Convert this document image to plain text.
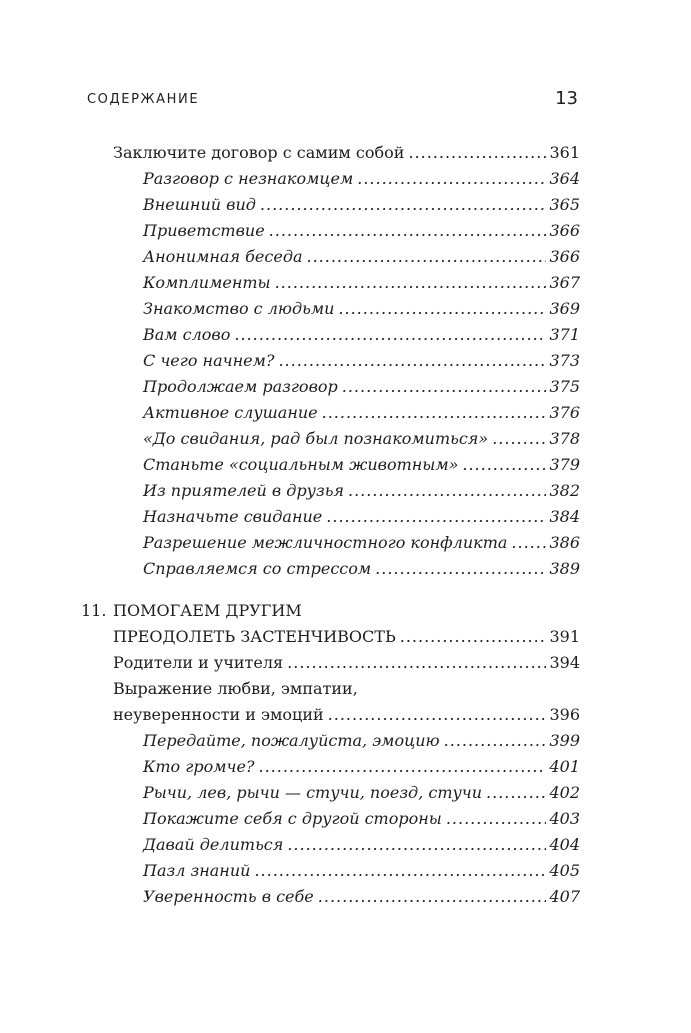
СОДЕРЖАНИЕ	13
Заключите договор с самим собой .....	361
Разговор с незнакомцем .....	364
Внешний вид .....	365
Приветствие .....	366
Анонимная беседа .....	366
Комплименты .....	367
Знакомство с людьми .....	369
Вам слово .....	371
С чего начнем? .....	373
Продолжаем разговор .....	375
Активное слушание .....	376
«До свидания, рад был познакомиться» .....	378
Станьте «социальным животным» .....	379
Из приятелей в друзья .....	382
Назначьте свидание .....	384
Разрешение межличностного конфликта .....	386
Справляемся со стрессом .....	389
11. ПОМОГАЕМ ДРУГИМ
ПРЕОДОЛЕТЬ ЗАСТЕНЧИВОСТЬ .....	391
Родители и учителя .....	394
Выражение любви, эмпатии,
неуверенности и эмоций .....	396
Передайте, пожалуйста, эмоцию .....	399
Кто громче? .....	401
Рычи, лев, рычи — стучи, поезд, стучи .....	402
Покажите себя с другой стороны .....	403
Давай делиться .....	404
Пазл знаний .....	405
Уверенность в себе .....	407
